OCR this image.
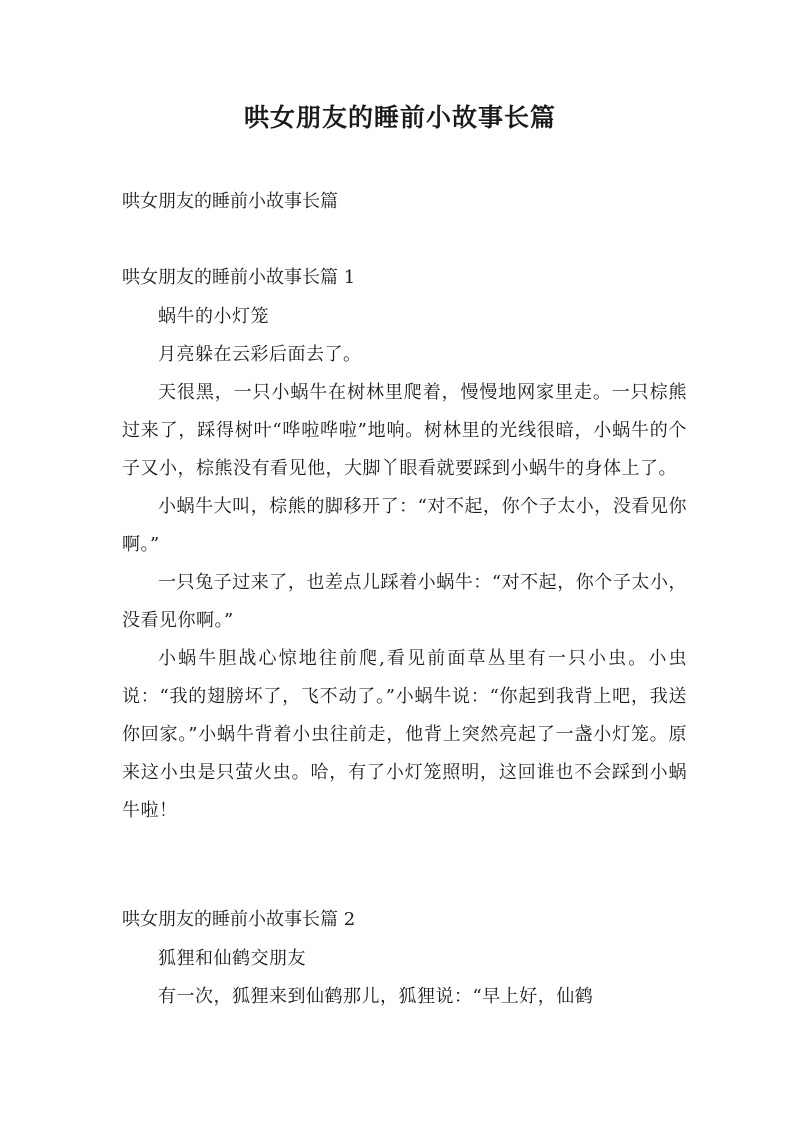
哄女朋友的睡前小故事长篇

哄女朋友的睡前小故事长篇

哄女朋友的睡前小故事长篇 1

蜗牛的小灯笼

月亮躲在云彩后面去了。

天很黑，一只小蜗牛在树林里爬着，慢慢地网家里走。一只棕熊过来了，踩得树叶“哗啦哗啦”地响。树林里的光线很暗，小蜗牛的个子又小，棕熊没有看见他，大脚丫眼看就要踩到小蜗牛的身体上了。

小蜗牛大叫，棕熊的脚移开了：“对不起，你个子太小，没看见你啊。”

一只兔子过来了，也差点儿踩着小蜗牛：“对不起，你个子太小，没看见你啊。”

小蜗牛胆战心惊地往前爬,看见前面草丛里有一只小虫。小虫说：“我的翅膀坏了，飞不动了。”小蜗牛说：“你起到我背上吧，我送你回家。”小蜗牛背着小虫往前走，他背上突然亮起了一盏小灯笼。原来这小虫是只萤火虫。哈，有了小灯笼照明，这回谁也不会踩到小蜗牛啦！

哄女朋友的睡前小故事长篇 2

狐狸和仙鹤交朋友

有一次，狐狸来到仙鹤那儿，狐狸说：“早上好，仙鹤
